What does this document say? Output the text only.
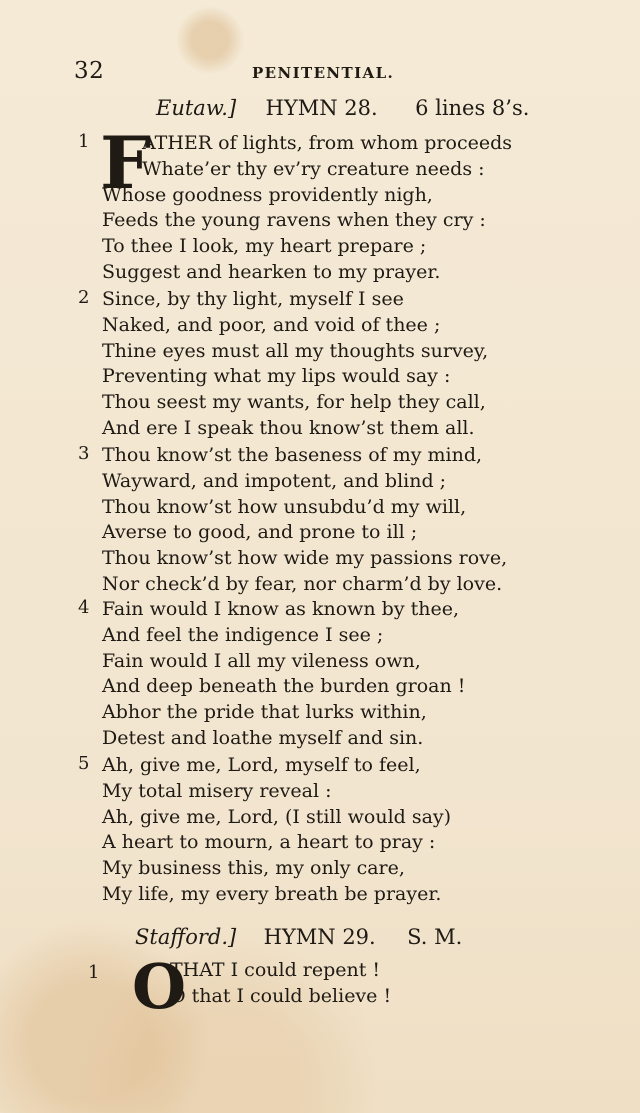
32	PENITENTIAL.
Eutaw.] HYMN 28. 6 lines 8’s.
1 F
ATHER of lights, from whom proceeds
Whate’er thy ev’ry creature needs :
Whose goodness providently nigh,
Feeds the young ravens when they cry :
To thee I look, my heart prepare ;
Suggest and hearken to my prayer.
2 Since, by thy light, myself I see
Naked, and poor, and void of thee ;
Thine eyes must all my thoughts survey,
Preventing what my lips would say :
Thou seest my wants, for help they call,
And ere I speak thou know’st them all.
3 Thou know’st the baseness of my mind,
Wayward, and impotent, and blind ;
Thou know’st how unsubdu’d my will,
Averse to good, and prone to ill ;
Thou know’st how wide my passions rove,
Nor check’d by fear, nor charm’d by love.
4 Fain would I know as known by thee,
And feel the indigence I see ;
Fain would I all my vileness own,
And deep beneath the burden groan !
Abhor the pride that lurks within,
Detest and loathe myself and sin.
5 Ah, give me, Lord, myself to feel,
My total misery reveal :
Ah, give me, Lord, (I still would say)
A heart to mourn, a heart to pray :
My business this, my only care,
My life, my every breath be prayer.
Stafford.] HYMN 29. S. M.
1 O
THAT I could repent !
O that I could believe !
